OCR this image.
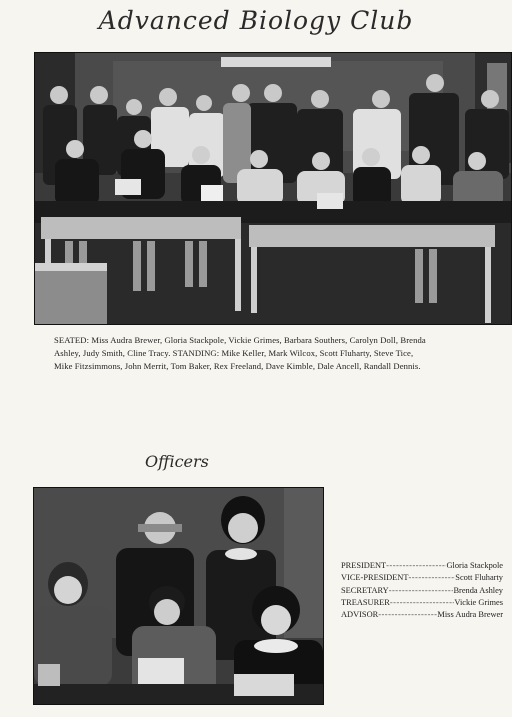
Advanced Biology Club
SEATED: Miss Audra Brewer, Gloria Stackpole, Vickie Grimes, Barbara Southers, Carolyn Doll, Brenda
Ashley, Judy Smith, Cline Tracy. STANDING: Mike Keller, Mark Wilcox, Scott Fluharty, Steve Tice,
Mike Fitzsimmons, John Merrit, Tom Baker, Rex Freeland, Dave Kimble, Dale Ancell, Randall Dennis.
Officers
PRESIDENT -----	Gloria Stackpole
VICE-PRESIDENT -----	Scott Fluharty
SECRETARY -----	Brenda Ashley
TREASURER -----	Vickie Grimes
ADVISOR -----	Miss Audra Brewer
